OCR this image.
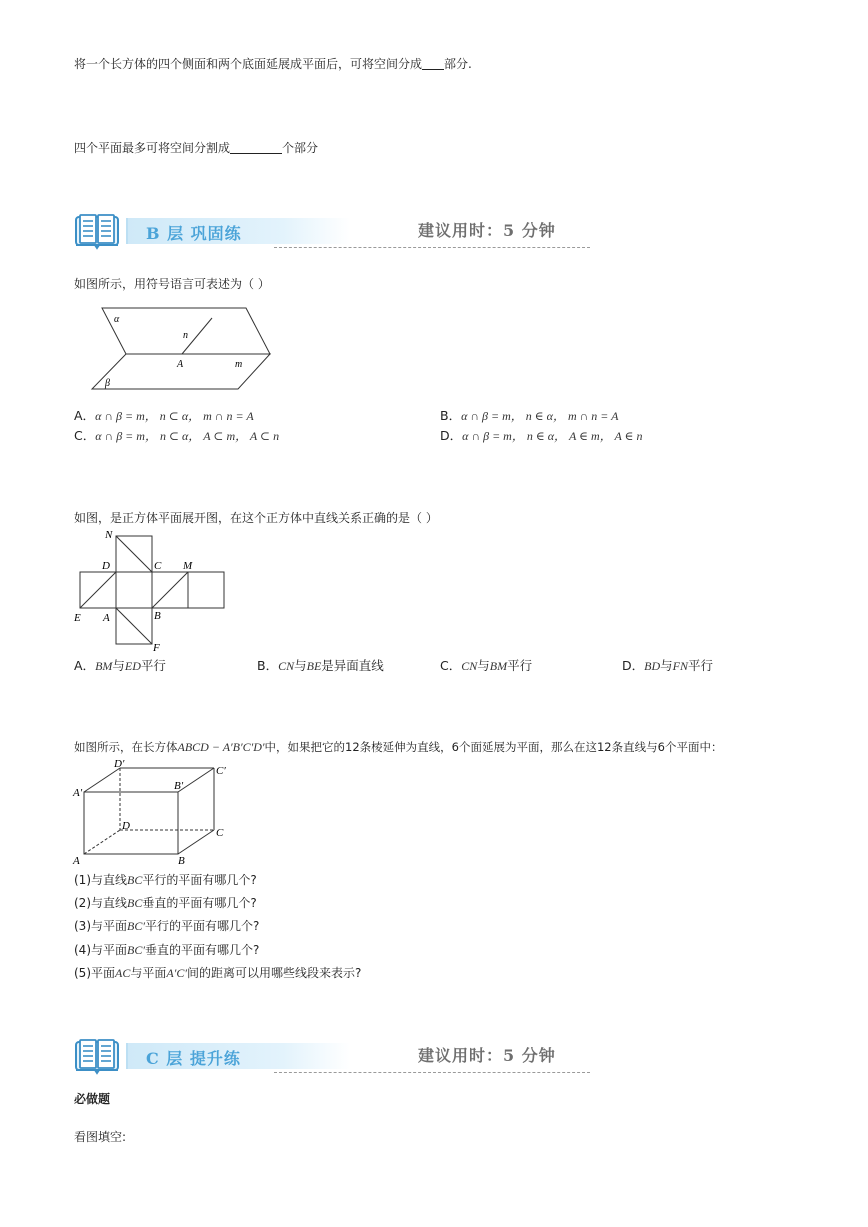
将一个长方体的四个侧面和两个底面延展成平面后，可将空间分成 部分.
四个平面最多可将空间分割成	个部分
B 层 巩固练	建议用时：5 分钟
如图所示，用符号语言可表述为（ ）
α
n
A	m
β
A．α ∩ β = m， n ⊂ α， m ∩ n = A	B．α ∩ β = m， n ∈ α， m ∩ n = A
C．α ∩ β = m， n ⊂ α， A ⊂ m， A ⊂ n	D．α ∩ β = m， n ∈ α， A ∈ m， A ∈ n
如图，是正方体平面展开图，在这个正方体中直线关系正确的是（ ）
N
D	C M
E A	B
F
A．BM与ED平行	B．CN与BE是异面直线	C．CN与BM平行	D．BD与FN平行
如图所示，在长方体ABCD − A′B′C′D′中，如果把它的12条棱延伸为直线，6个面延展为平面，那么在这12条直线与6个平面中：
D′
C′
A′
B′
D
C
A	B
(1)与直线BC平行的平面有哪几个?
(2)与直线BC垂直的平面有哪几个?
(3)与平面BC′平行的平面有哪几个?
(4)与平面BC′垂直的平面有哪几个?
(5)平面AC与平面A′C′间的距离可以用哪些线段来表示?
C 层 提升练	建议用时：5 分钟
必做题
看图填空:
